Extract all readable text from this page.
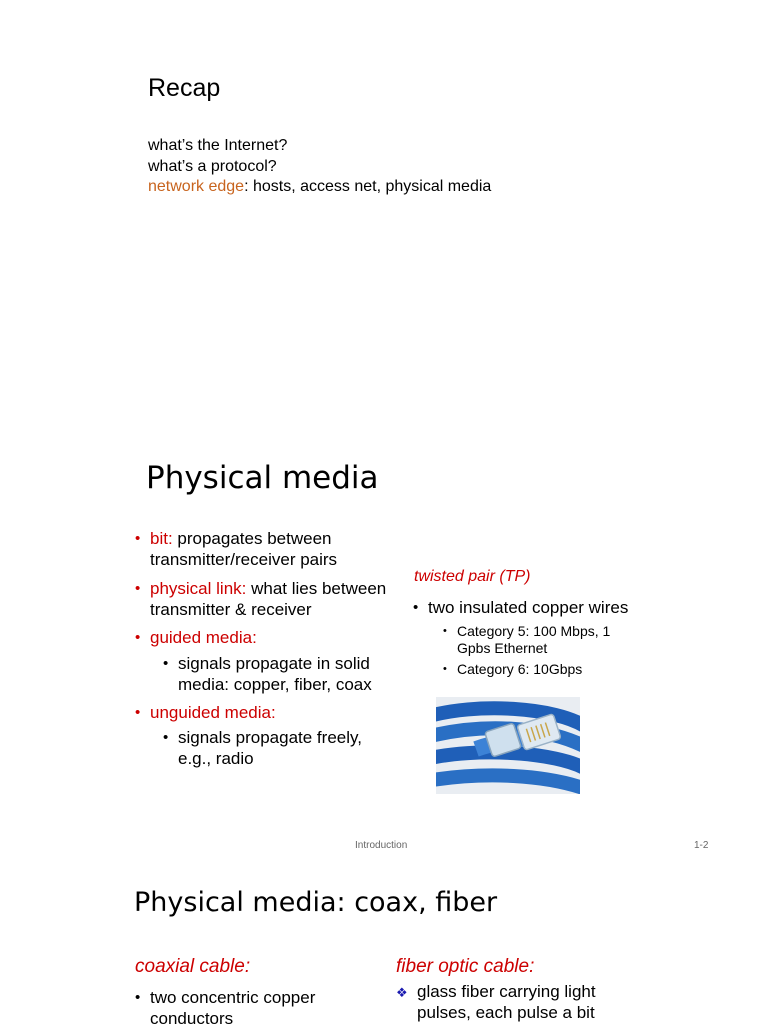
Recap
what’s the Internet?
what’s a protocol?
network edge: hosts, access net, physical media
Physical media
• bit: propagates between
transmitter/receiver pairs
• physical link: what lies between
transmitter & receiver
• guided media:
• signals propagate in solid
media: copper, fiber, coax
• unguided media:
• signals propagate freely,
e.g., radio
twisted pair (TP)
• two insulated copper wires
• Category 5: 100 Mbps, 1
Gpbs Ethernet
• Category 6: 10Gbps
Introduction	1-2
Physical media: coax, fiber
coaxial cable:
• two concentric copper
conductors
fiber optic cable:
❖ glass fiber carrying light
pulses, each pulse a bit
